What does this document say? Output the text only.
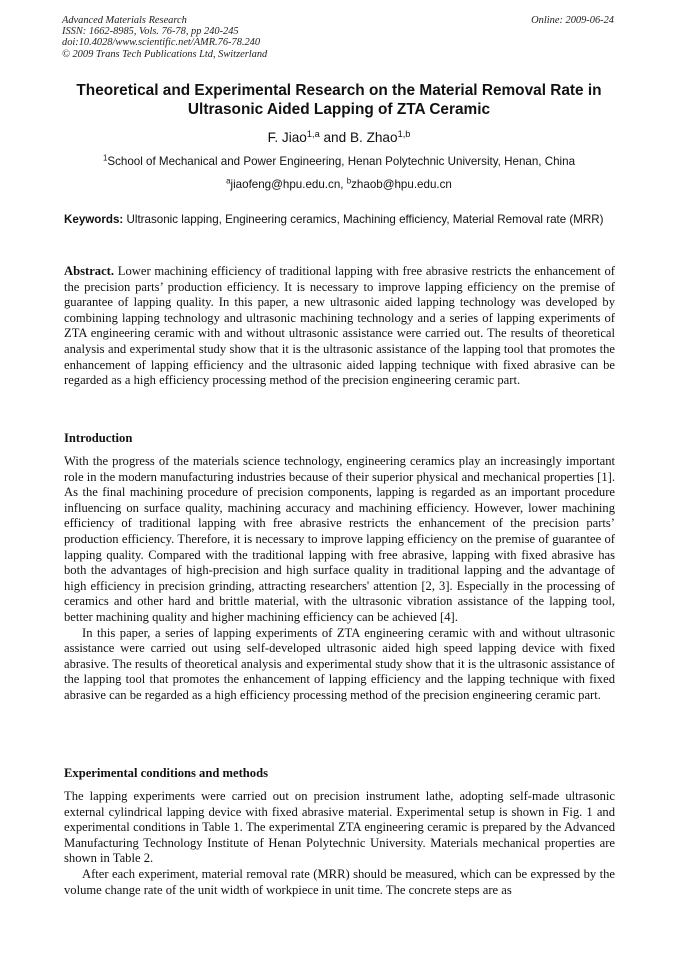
Advanced Materials Research
ISSN: 1662-8985, Vols. 76-78, pp 240-245
doi:10.4028/www.scientific.net/AMR.76-78.240
© 2009 Trans Tech Publications Ltd, Switzerland
Online: 2009-06-24
Theoretical and Experimental Research on the Material Removal Rate in Ultrasonic Aided Lapping of ZTA Ceramic
F. Jiao$^{1,a}$ and B. Zhao$^{1,b}$
$^1$School of Mechanical and Power Engineering, Henan Polytechnic University, Henan, China
$^a$jiaofeng@hpu.edu.cn, $^b$zhaob@hpu.edu.cn
Keywords: Ultrasonic lapping, Engineering ceramics, Machining efficiency, Material Removal rate (MRR)
Abstract. Lower machining efficiency of traditional lapping with free abrasive restricts the enhancement of the precision parts’ production efficiency. It is necessary to improve lapping efficiency on the premise of guarantee of lapping quality. In this paper, a new ultrasonic aided lapping technology was developed by combining lapping technology and ultrasonic machining technology and a series of lapping experiments of ZTA engineering ceramic with and without ultrasonic assistance were carried out. The results of theoretical analysis and experimental study show that it is the ultrasonic assistance of the lapping tool that promotes the enhancement of lapping efficiency and the ultrasonic aided lapping technique with fixed abrasive can be regarded as a high efficiency processing method of the precision engineering ceramic part.
Introduction

With the progress of the materials science technology, engineering ceramics play an increasingly important role in the modern manufacturing industries because of their superior physical and mechanical properties [1]. As the final machining procedure of precision components, lapping is regarded as an important procedure influencing on surface quality, machining accuracy and machining efficiency. However, lower machining efficiency of traditional lapping with free abrasive restricts the enhancement of the precision parts’ production efficiency. Therefore, it is necessary to improve lapping efficiency on the premise of guarantee of lapping quality. Compared with the traditional lapping with free abrasive, lapping with fixed abrasive has both the advantages of high-precision and high surface quality in traditional lapping and the advantage of high efficiency in precision grinding, attracting researchers' attention [2, 3]. Especially in the processing of ceramics and other hard and brittle material, with the ultrasonic vibration assistance of the lapping tool, better machining quality and higher machining efficiency can be achieved [4].

In this paper, a series of lapping experiments of ZTA engineering ceramic with and without ultrasonic assistance were carried out using self-developed ultrasonic aided high speed lapping device with fixed abrasive. The results of theoretical analysis and experimental study show that it is the ultrasonic assistance of the lapping tool that promotes the enhancement of lapping efficiency and the lapping technique with fixed abrasive can be regarded as a high efficiency processing method of the precision engineering ceramic part.

Experimental conditions and methods

The lapping experiments were carried out on precision instrument lathe, adopting self-made ultrasonic external cylindrical lapping device with fixed abrasive material. Experimental setup is shown in Fig. 1 and experimental conditions in Table 1. The experimental ZTA engineering ceramic is prepared by the Advanced Manufacturing Technology Institute of Henan Polytechnic University. Materials mechanical properties are shown in Table 2.

After each experiment, material removal rate (MRR) should be measured, which can be expressed by the volume change rate of the unit width of workpiece in unit time. The concrete steps are as
